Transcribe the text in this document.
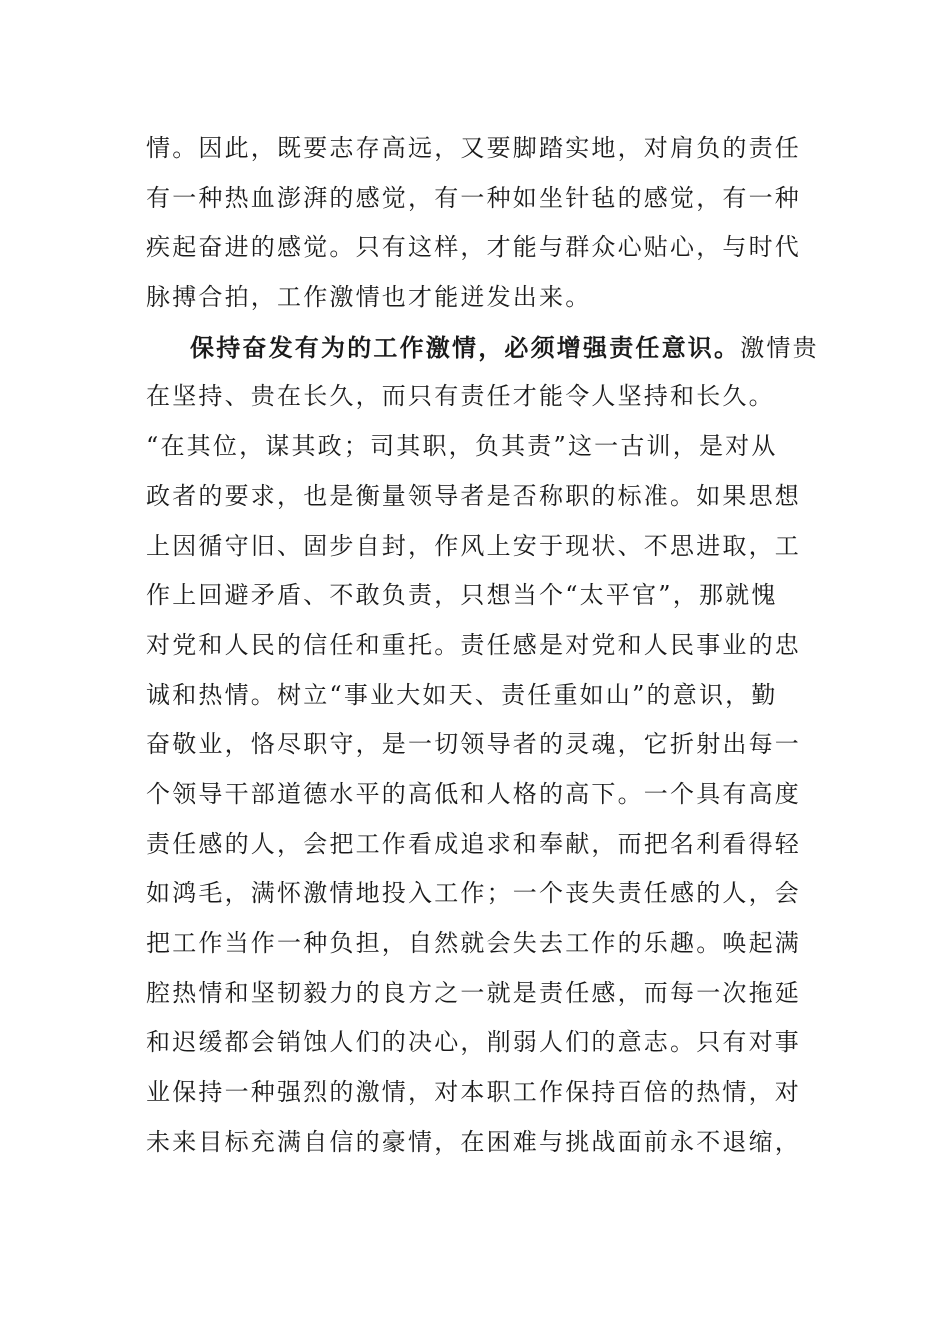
情。因此，既要志存高远，又要脚踏实地，对肩负的责任
有一种热血澎湃的感觉，有一种如坐针毡的感觉，有一种
疾起奋进的感觉。只有这样，才能与群众心贴心，与时代
脉搏合拍，工作激情也才能迸发出来。
保持奋发有为的工作激情，必须增强责任意识。激情贵
在坚持、贵在长久，而只有责任才能令人坚持和长久。
“在其位，谋其政；司其职，负其责”这一古训，是对从
政者的要求，也是衡量领导者是否称职的标准。如果思想
上因循守旧、固步自封，作风上安于现状、不思进取，工
作上回避矛盾、不敢负责，只想当个“太平官”，那就愧
对党和人民的信任和重托。责任感是对党和人民事业的忠
诚和热情。树立“事业大如天、责任重如山”的意识，勤
奋敬业，恪尽职守，是一切领导者的灵魂，它折射出每一
个领导干部道德水平的高低和人格的高下。一个具有高度
责任感的人，会把工作看成追求和奉献，而把名利看得轻
如鸿毛，满怀激情地投入工作；一个丧失责任感的人，会
把工作当作一种负担，自然就会失去工作的乐趣。唤起满
腔热情和坚韧毅力的良方之一就是责任感，而每一次拖延
和迟缓都会销蚀人们的决心，削弱人们的意志。只有对事
业保持一种强烈的激情，对本职工作保持百倍的热情，对
未来目标充满自信的豪情，在困难与挑战面前永不退缩，
